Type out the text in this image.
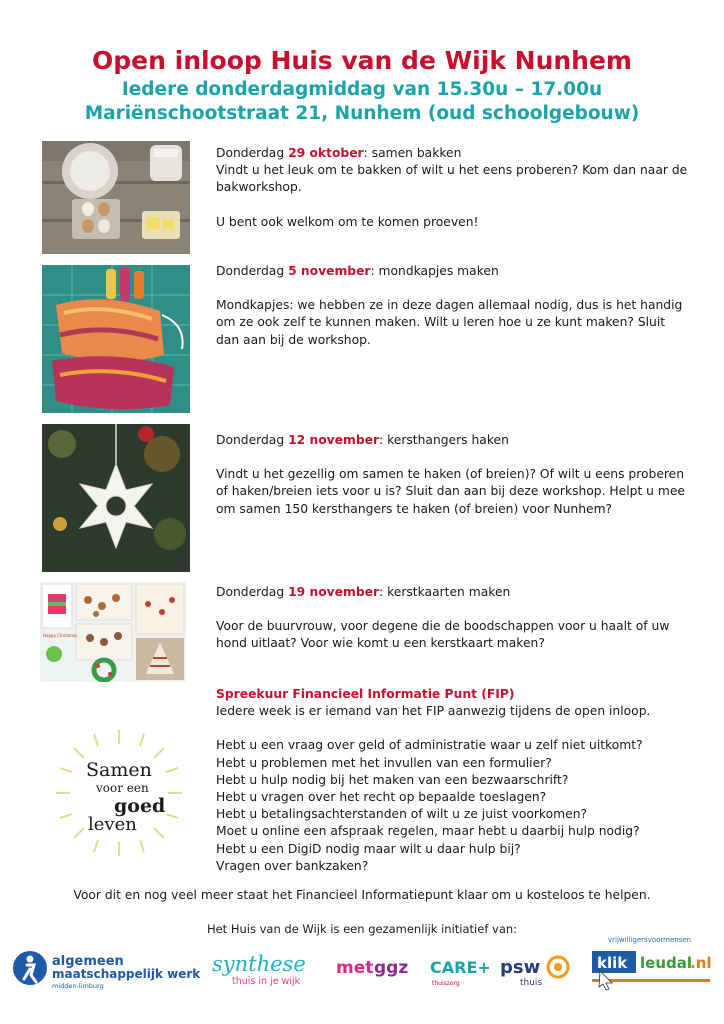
Open inloop Huis van de Wijk Nunhem
Iedere donderdagmiddag van 15.30u – 17.00u
Mariënschootstraat 21, Nunhem (oud schoolgebouw)

Donderdag 29 oktober: samen bakken

Vindt u het leuk om te bakken of wilt u het eens proberen? Kom dan naar de bakworkshop.

U bent ook welkom om te komen proeven!

Donderdag 5 november: mondkapjes maken

Mondkapjes: we hebben ze in deze dagen allemaal nodig, dus is het handig om ze ook zelf te kunnen maken. Wilt u leren hoe u ze kunt maken? Sluit dan aan bij de workshop.

Donderdag 12 november: kersthangers haken

Vindt u het gezellig om samen te haken (of breien)? Of wilt u eens proberen of haken/breien iets voor u is? Sluit dan aan bij deze workshop. Helpt u mee om samen 150 kersthangers te haken (of breien) voor Nunhem?

Happy Christmas

Donderdag 19 november: kerstkaarten maken

Voor de buurvrouw, voor degene die de boodschappen voor u haalt of uw hond uitlaat? Voor wie komt u een kerstkaart maken?

Spreekuur Financieel Informatie Punt (FIP)

Iedere week is er iemand van het FIP aanwezig tijdens de open inloop.

Hebt u een vraag over geld of administratie waar u zelf niet uitkomt?

Hebt u problemen met het invullen van een formulier?

Hebt u hulp nodig bij het maken van een bezwaarschrift?

Hebt u vragen over het recht op bepaalde toeslagen?

Hebt u betalingsachterstanden of wilt u ze juist voorkomen?

Moet u online een afspraak regelen, maar hebt u daarbij hulp nodig?

Hebt u een DigiD nodig maar wilt u daar hulp bij?

Vragen over bankzaken?

Samen
voor een
goed
leven
Voor dit en nog veel meer staat het Financieel Informatiepunt klaar om u kosteloos te helpen.
Het Huis van de Wijk is een gezamenlijk initiatief van:
algemeen
maatschappelijk werk
midden-limburg
synthese
thuis in je wijk
met ggz CARE+
thuiszorg
psw
thuis
vrijwilligersvoormensen
klik leudal
.nl
